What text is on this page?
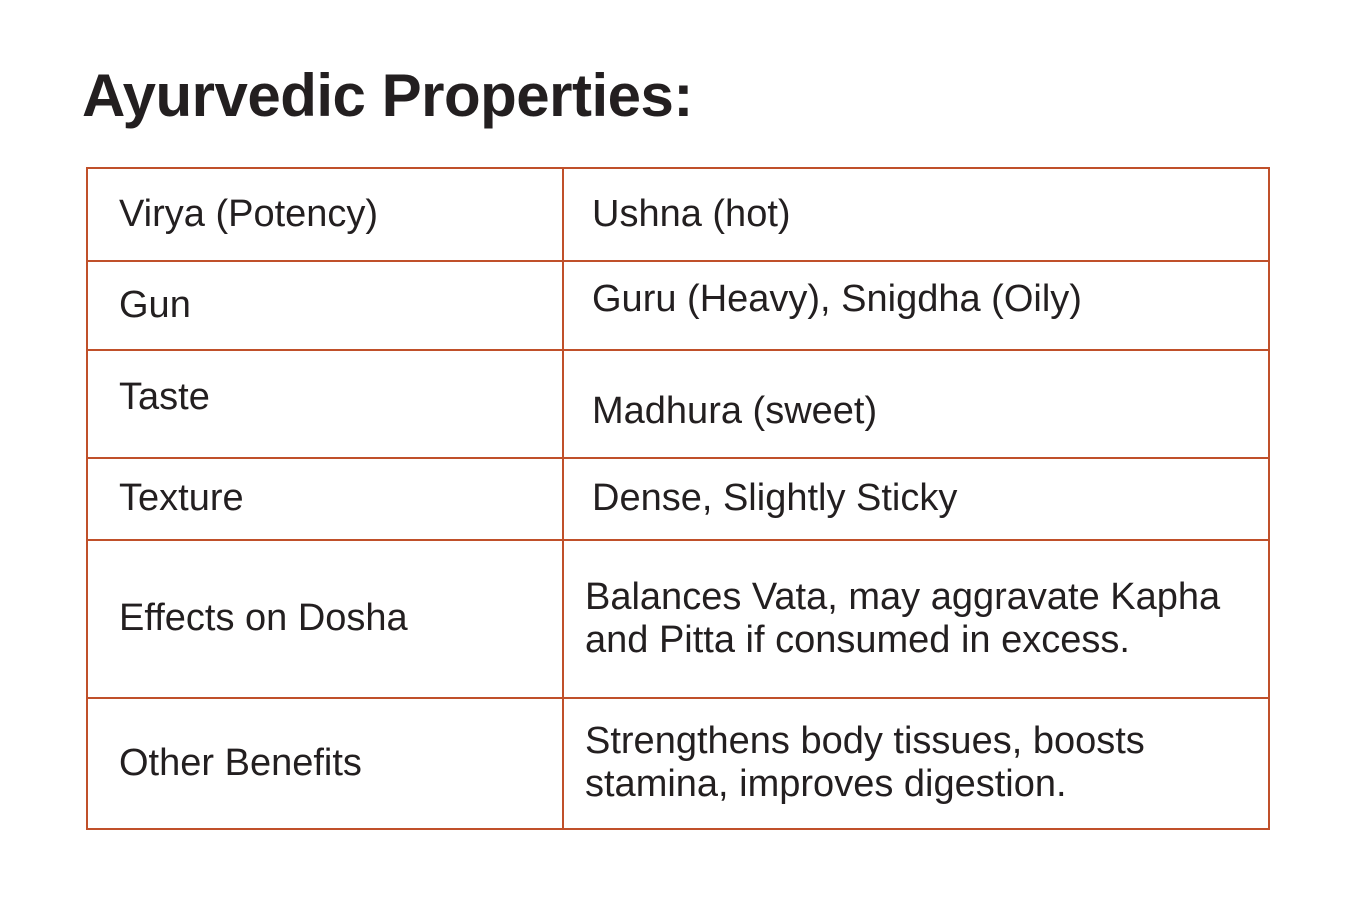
Ayurvedic Properties:
Virya (Potency)	Ushna (hot)
Gun	Guru (Heavy), Snigdha (Oily)
Taste	Madhura (sweet)
Texture	Dense, Slightly Sticky
Effects on Dosha	Balances Vata, may aggravate Kapha and Pitta if consumed in excess.
Other Benefits	Strengthens body tissues, boosts stamina, improves digestion.
